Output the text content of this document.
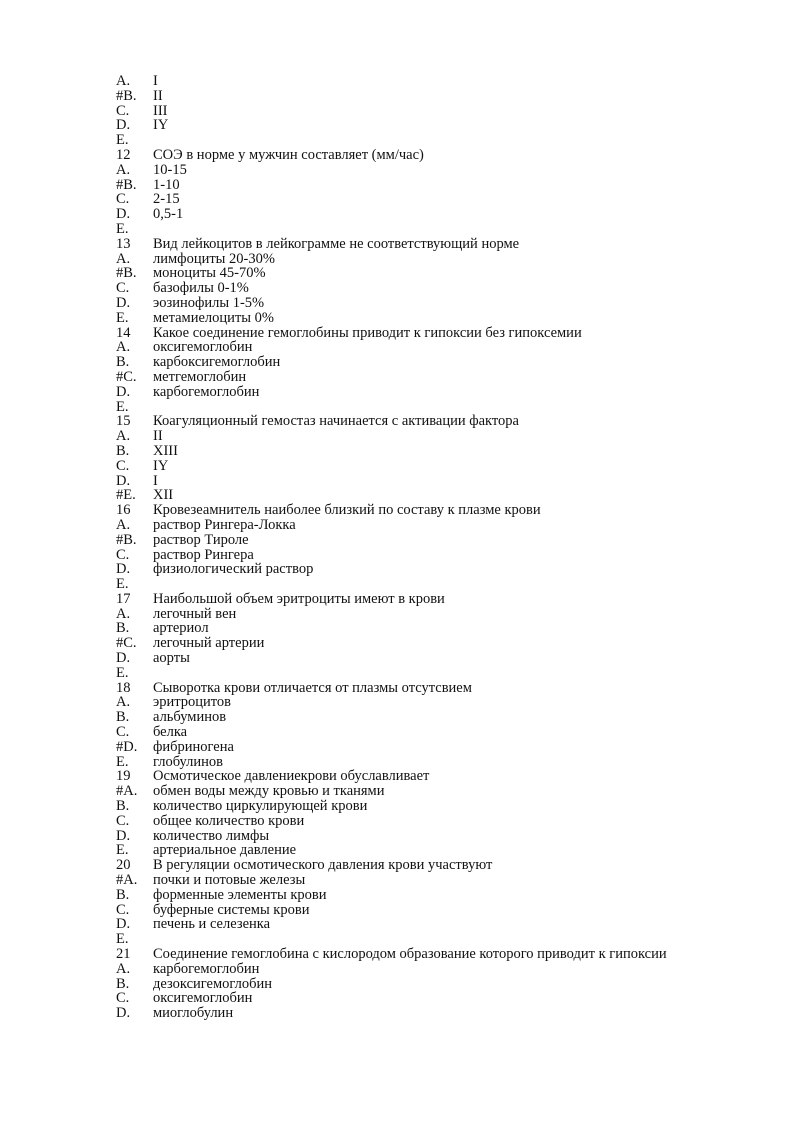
A.	I
#B.	II
C.	III
D.	IY
E.
12	СОЭ в норме у мужчин составляет (мм/час)
A.	10-15
#B.	1-10
C.	2-15
D.	0,5-1
E.
13	Вид лейкоцитов в лейкограмме не соответствующий норме
A.	лимфоциты 20-30%
#B.	моноциты 45-70%
C.	базофилы 0-1%
D.	эозинофилы 1-5%
E.	метамиелоциты 0%
14	Какое соединение гемоглобины приводит к гипоксии без гипоксемии
A.	оксигемоглобин
B.	карбоксигемоглобин
#C.	метгемоглобин
D.	карбогемоглобин
E.
15	Коагуляционный гемостаз начинается с активации фактора
A.	II
B.	XIII
C.	IY
D.	I
#E.	XII
16	Кровезеамнитель наиболее близкий по составу к плазме крови
A.	раствор Рингера-Локка
#B.	раствор Тироле
C.	раствор Рингера
D.	физиологический раствор
E.
17	Наибольшой объем эритроциты имеют в крови
A.	легочный вен
B.	артериол
#C.	легочный артерии
D.	аорты
E.
18	Сыворотка крови отличается от плазмы отсутсвием
A.	эритроцитов
B.	альбуминов
C.	белка
#D.	фибриногена
E.	глобулинов
19	Осмотическое давлениекрови обуславливает
#A.	обмен воды между кровью и тканями
B.	количество циркулирующей крови
C.	общее количество крови
D.	количество лимфы
E.	артериальное давление
20	В регуляции осмотического давления крови участвуют
#A.	почки и потовые железы
B.	форменные элементы крови
C.	буферные системы крови
D.	печень и селезенка
E.
21	Соединение гемоглобина с кислородом образование которого приводит к гипоксии
A.	карбогемоглобин
B.	дезоксигемоглобин
C.	оксигемоглобин
D.	миоглобулин
